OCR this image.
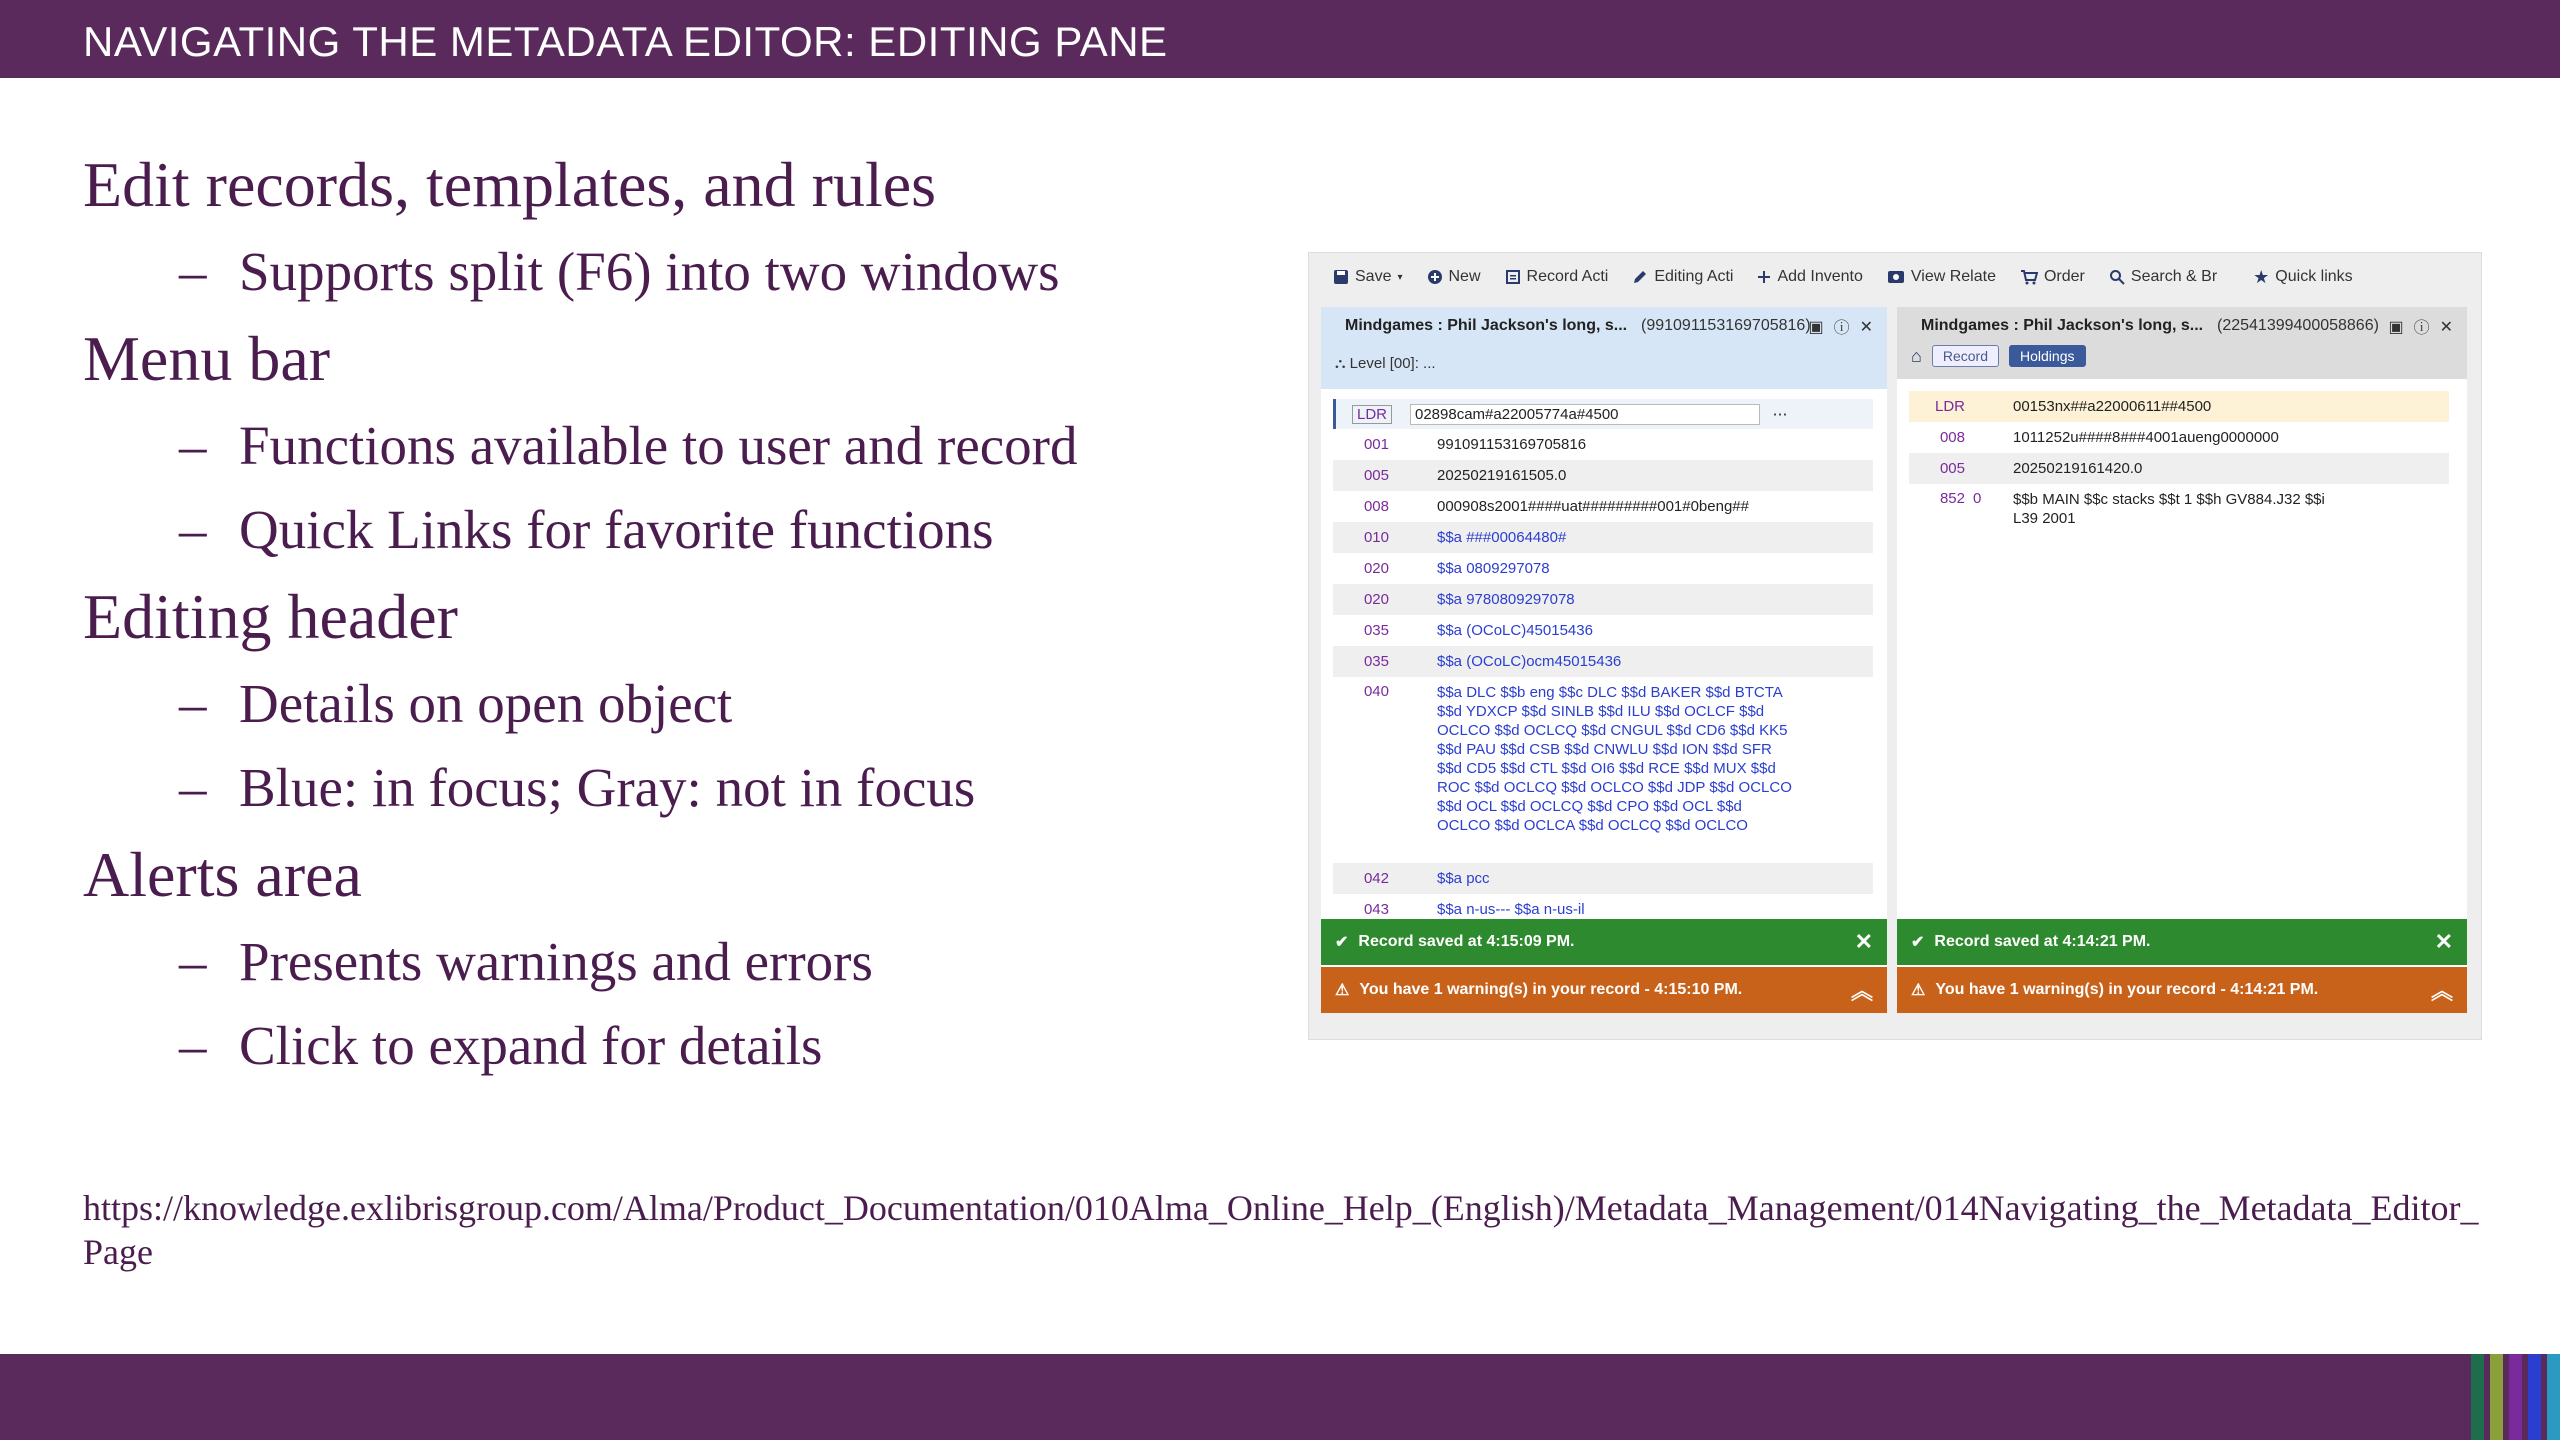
NAVIGATING THE METADATA EDITOR: EDITING PANE
Edit records, templates, and rules
– Supports split (F6) into two windows
Menu bar
– Functions available to user and record
– Quick Links for favorite functions
Editing header
– Details on open object
– Blue: in focus; Gray: not in focus
Alerts area
– Presents warnings and errors
– Click to expand for details
Save ▾	New	Record Acti	Editing Acti	Add Invento	View Relate	Order	Search & Br ★ Quick links
Mindgames : Phil Jackson's long, s... (991091153169705816)
▣ ⓘ ✕
⛬ Level [00]: ...
LDR	02898cam#a22005774a#4500	⋯
001	991091153169705816
005	20250219161505.0
008	000908s2001####uat#########001#0beng##
010	$$a ###00064480#
020	$$a 0809297078
020	$$a 9780809297078
035	$$a (OCoLC)45015436
035	$$a (OCoLC)ocm45015436
040	$$a DLC $$b eng $$c DLC $$d BAKER $$d BTCTA $$d YDXCP $$d SINLB $$d ILU $$d OCLCF $$d OCLCO $$d OCLCQ $$d CNGUL $$d CD6 $$d KK5 $$d PAU $$d CSB $$d CNWLU $$d ION $$d SFR $$d CD5 $$d CTL $$d OI6 $$d RCE $$d MUX $$d ROC $$d OCLCQ $$d OCLCO $$d JDP $$d OCLCO $$d OCL $$d OCLCQ $$d CPO $$d OCL $$d OCLCO $$d OCLCA $$d OCLCQ $$d OCLCO
042	$$a pcc
043	$$a n-us--- $$a n-us-il
Mindgames : Phil Jackson's long, s... (22541399400058866) ▣ ⓘ ✕
⌂	Record	Holdings
LDR	00153nx##a22000611##4500
008	1011252u####8###4001aueng0000000
005	20250219161420.0
852 0	$$b MAIN $$c stacks $$t 1 $$h GV884.J32 $$i L39 2001
✔ Record saved at 4:15:09 PM.	✕
⚠ You have 1 warning(s) in your record - 4:15:10 PM.	︽
✔ Record saved at 4:14:21 PM.	✕
⚠ You have 1 warning(s) in your record - 4:14:21 PM.	︽
https://knowledge.exlibrisgroup.com/Alma/Product_Documentation/010Alma_Online_Help_(English)/Metadata_Management/014Navigating_the_Metadata_Editor_Page
